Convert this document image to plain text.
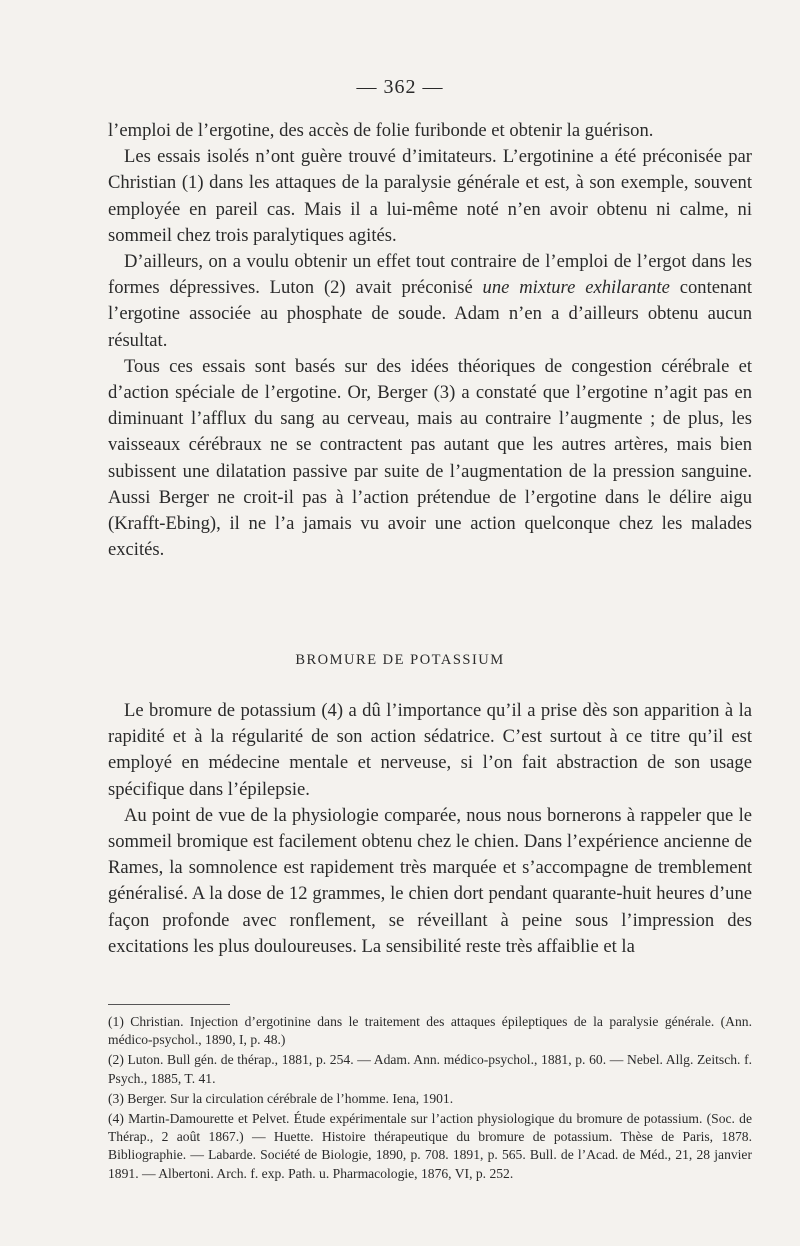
— 362 —

l’emploi de l’ergotine, des accès de folie furibonde et obtenir la guérison.

Les essais isolés n’ont guère trouvé d’imitateurs. L’ergotinine a été préconisée par Christian (1) dans les attaques de la paralysie générale et est, à son exemple, souvent employée en pareil cas. Mais il a lui-même noté n’en avoir obtenu ni calme, ni sommeil chez trois paralytiques agités.

D’ailleurs, on a voulu obtenir un effet tout contraire de l’emploi de l’ergot dans les formes dépressives. Luton (2) avait préconisé une mixture exhilarante contenant l’ergotine associée au phosphate de soude. Adam n’en a d’ailleurs obtenu aucun résultat.

Tous ces essais sont basés sur des idées théoriques de congestion cérébrale et d’action spéciale de l’ergotine. Or, Berger (3) a constaté que l’ergotine n’agit pas en diminuant l’afflux du sang au cerveau, mais au contraire l’augmente ; de plus, les vaisseaux cérébraux ne se contractent pas autant que les autres artères, mais bien subissent une dilatation passive par suite de l’augmentation de la pression sanguine. Aussi Berger ne croit-il pas à l’action prétendue de l’ergotine dans le délire aigu (Krafft-Ebing), il ne l’a jamais vu avoir une action quelconque chez les malades excités.

BROMURE DE POTASSIUM

Le bromure de potassium (4) a dû l’importance qu’il a prise dès son apparition à la rapidité et à la régularité de son action sédatrice. C’est surtout à ce titre qu’il est employé en médecine mentale et nerveuse, si l’on fait abstraction de son usage spécifique dans l’épilepsie.

Au point de vue de la physiologie comparée, nous nous bornerons à rappeler que le sommeil bromique est facilement obtenu chez le chien. Dans l’expérience ancienne de Rames, la somnolence est rapidement très marquée et s’accompagne de tremblement généralisé. A la dose de 12 grammes, le chien dort pendant quarante-huit heures d’une façon profonde avec ronflement, se réveillant à peine sous l’impression des excitations les plus douloureuses. La sensibilité reste très affaiblie et la

(1) Christian. Injection d’ergotinine dans le traitement des attaques épileptiques de la paralysie générale. (Ann. médico-psychol., 1890, I, p. 48.)

(2) Luton. Bull gén. de thérap., 1881, p. 254. — Adam. Ann. médico-psychol., 1881, p. 60. — Nebel. Allg. Zeitsch. f. Psych., 1885, T. 41.

(3) Berger. Sur la circulation cérébrale de l’homme. Iena, 1901.

(4) Martin-Damourette et Pelvet. Étude expérimentale sur l’action physiologique du bromure de potassium. (Soc. de Thérap., 2 août 1867.) — Huette. Histoire thérapeutique du bromure de potassium. Thèse de Paris, 1878. Bibliographie. — Labarde. Société de Biologie, 1890, p. 708. 1891, p. 565. Bull. de l’Acad. de Méd., 21, 28 janvier 1891. — Albertoni. Arch. f. exp. Path. u. Pharmacologie, 1876, VI, p. 252.
